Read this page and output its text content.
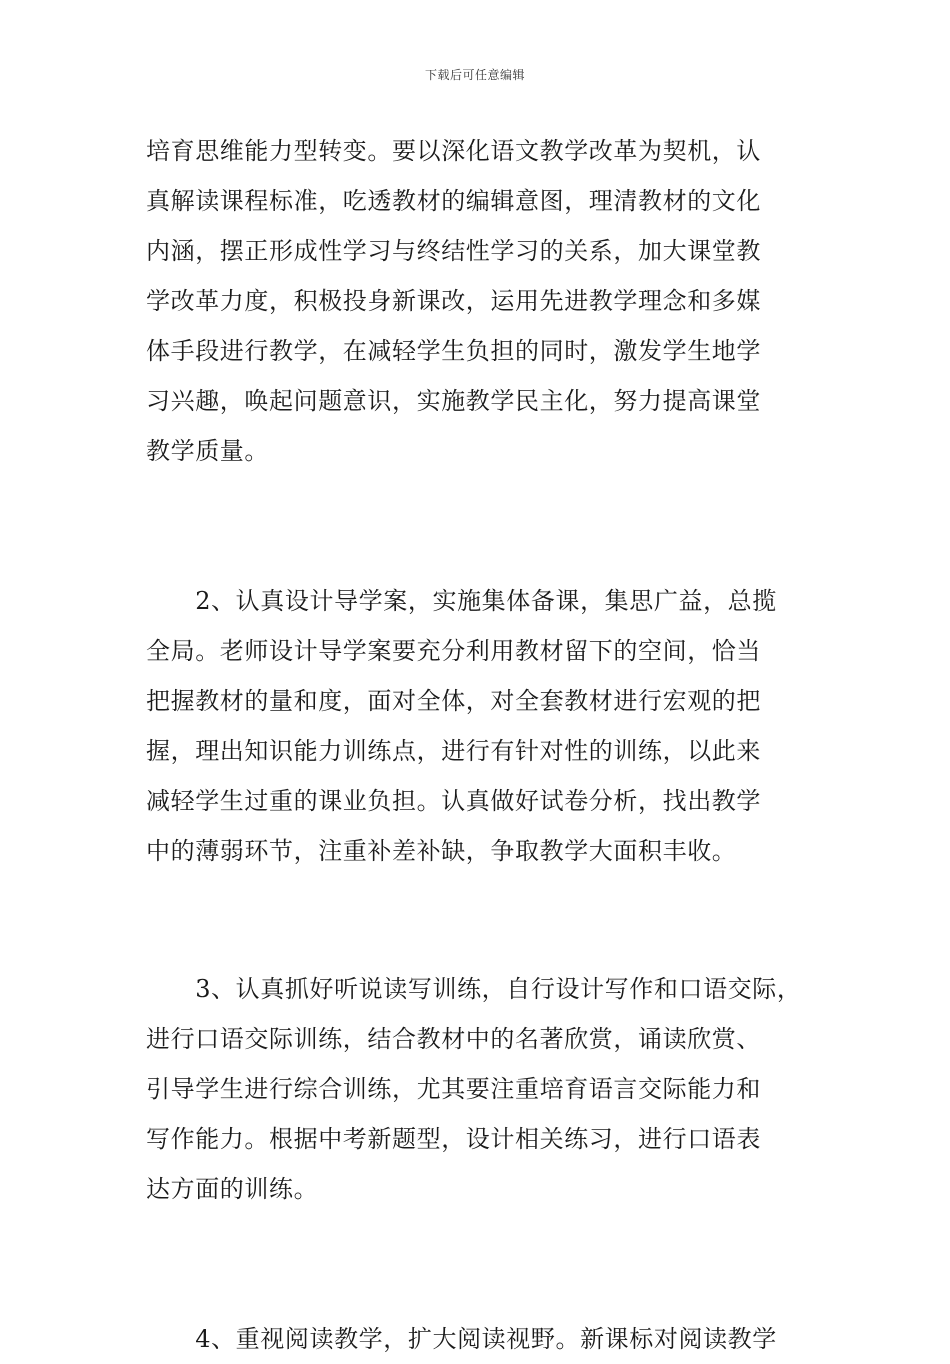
下载后可任意编辑
培育思维能力型转变。要以深化语文教学改革为契机，认
真解读课程标准，吃透教材的编辑意图，理清教材的文化
内涵，摆正形成性学习与终结性学习的关系，加大课堂教
学改革力度，积极投身新课改，运用先进教学理念和多媒
体手段进行教学，在减轻学生负担的同时，激发学生地学
习兴趣，唤起问题意识，实施教学民主化，努力提高课堂
教学质量。
　　2、认真设计导学案，实施集体备课，集思广益，总揽
全局。老师设计导学案要充分利用教材留下的空间，恰当
把握教材的量和度，面对全体，对全套教材进行宏观的把
握，理出知识能力训练点，进行有针对性的训练，以此来
减轻学生过重的课业负担。认真做好试卷分析，找出教学
中的薄弱环节，注重补差补缺，争取教学大面积丰收。
　　3、认真抓好听说读写训练，自行设计写作和口语交际，
进行口语交际训练，结合教材中的名著欣赏，诵读欣赏、
引导学生进行综合训练，尤其要注重培育语言交际能力和
写作能力。根据中考新题型，设计相关练习，进行口语表
达方面的训练。
　　4、重视阅读教学，扩大阅读视野。新课标对阅读教学
